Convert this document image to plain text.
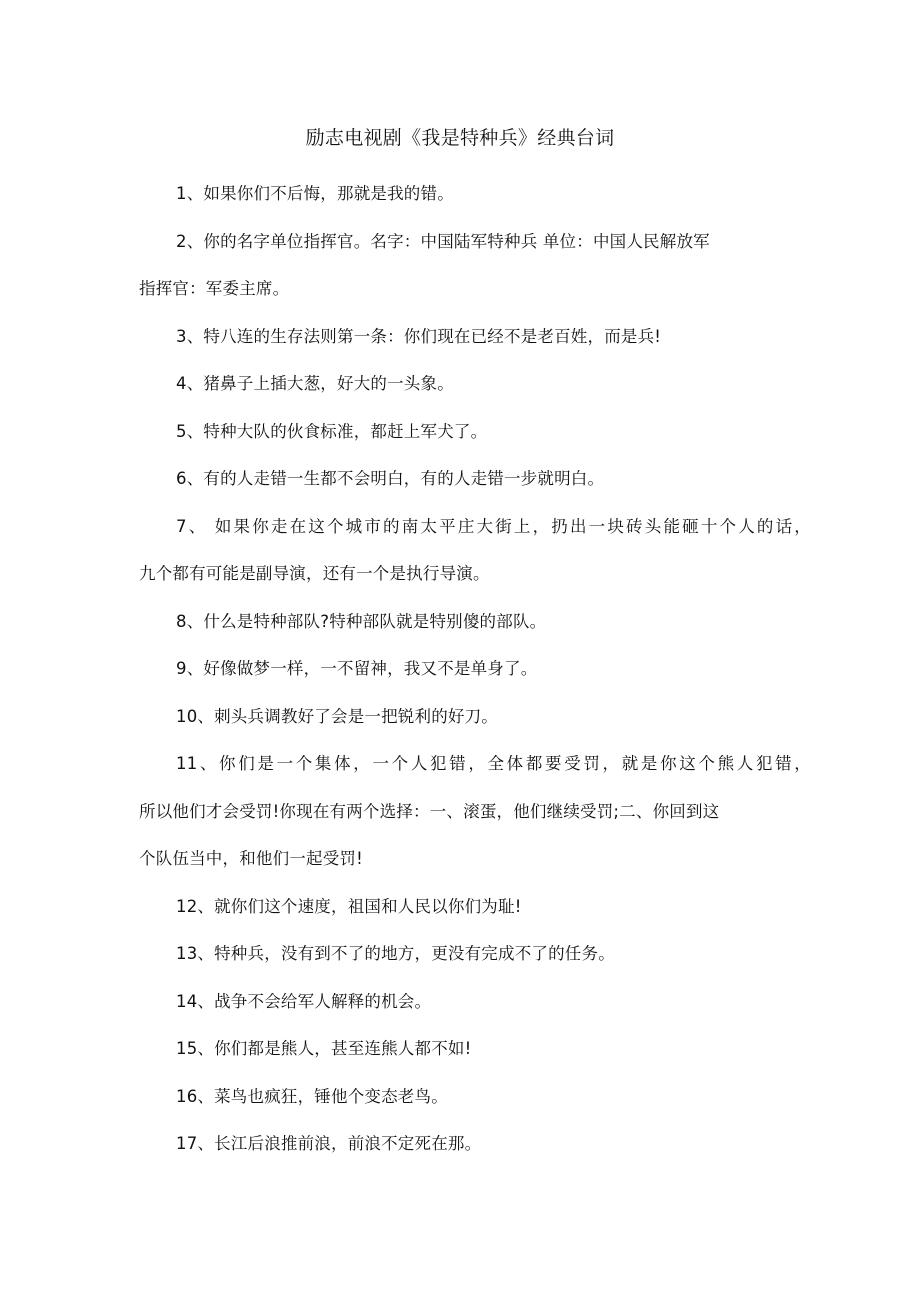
励志电视剧《我是特种兵》经典台词
1、如果你们不后悔，那就是我的错。
2、你的名字单位指挥官。名字：中国陆军特种兵 单位：中国人民解放军
指挥官：军委主席。
3、特八连的生存法则第一条：你们现在已经不是老百姓，而是兵!
4、猪鼻子上插大葱，好大的一头象。
5、特种大队的伙食标准，都赶上军犬了。
6、有的人走错一生都不会明白，有的人走错一步就明白。
7、 如果你走在这个城市的南太平庄大街上，扔出一块砖头能砸十个人的话，
九个都有可能是副导演，还有一个是执行导演。
8、什么是特种部队?特种部队就是特别傻的部队。
9、好像做梦一样，一不留神，我又不是单身了。
10、刺头兵调教好了会是一把锐利的好刀。
11、你们是一个集体，一个人犯错，全体都要受罚，就是你这个熊人犯错，
所以他们才会受罚!你现在有两个选择：一、滚蛋，他们继续受罚;二、你回到这
个队伍当中，和他们一起受罚!
12、就你们这个速度，祖国和人民以你们为耻!
13、特种兵，没有到不了的地方，更没有完成不了的任务。
14、战争不会给军人解释的机会。
15、你们都是熊人，甚至连熊人都不如!
16、菜鸟也疯狂，锤他个变态老鸟。
17、长江后浪推前浪，前浪不定死在那。
